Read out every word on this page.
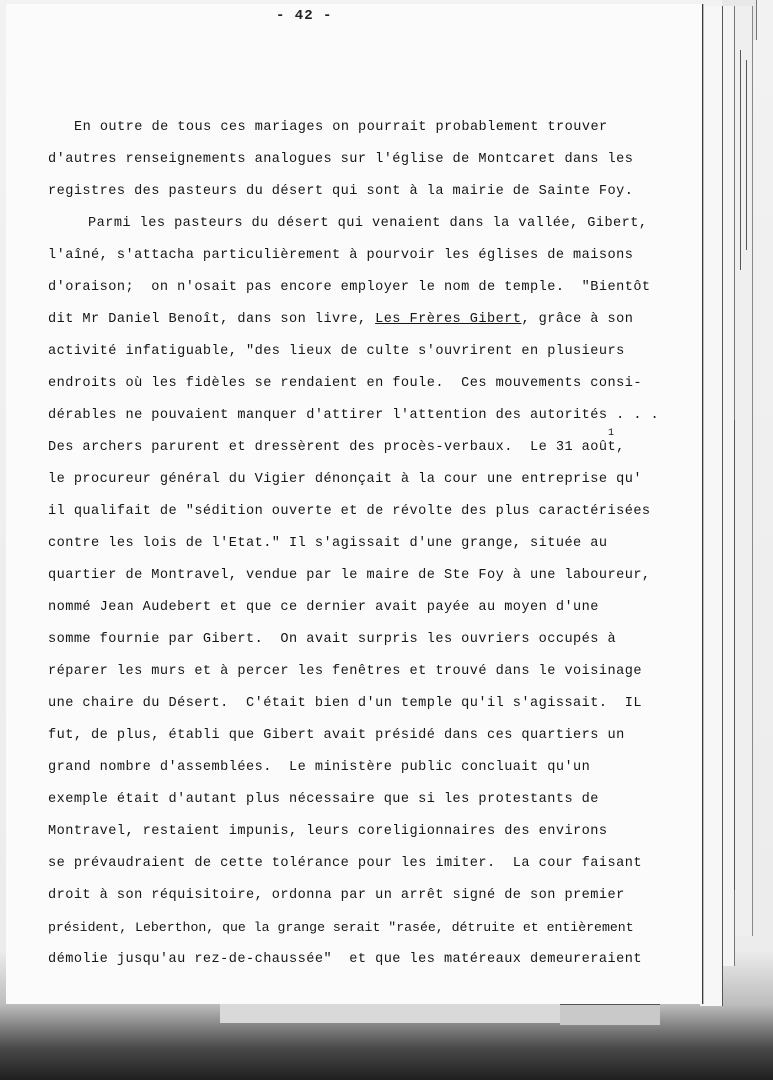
- 42 -
En outre de tous ces mariages on pourrait probablement trouver
d'autres renseignements analogues sur l'église de Montcaret dans les
registres des pasteurs du désert qui sont à la mairie de Sainte Foy.
Parmi les pasteurs du désert qui venaient dans la vallée, Gibert,
l'aîné, s'attacha particulièrement à pourvoir les églises de maisons
d'oraison;  on n'osait pas encore employer le nom de temple.  "Bientôt
dit Mr Daniel Benoît, dans son livre, Les Frères Gibert, grâce à son
activité infatiguable, "des lieux de culte s'ouvrirent en plusieurs
endroits où les fidèles se rendaient en foule.  Ces mouvements consi-
dérables ne pouvaient manquer d'attirer l'attention des autorités . . .
Des archers parurent et dressèrent des procès-verbaux.  Le 31 août,
1
le procureur général du Vigier dénonçait à la cour une entreprise qu'
il qualifait de "sédition ouverte et de révolte des plus caractérisées
contre les lois de l'Etat." Il s'agissait d'une grange, située au
quartier de Montravel, vendue par le maire de Ste Foy à une laboureur,
nommé Jean Audebert et que ce dernier avait payée au moyen d'une
somme fournie par Gibert.  On avait surpris les ouvriers occupés à
réparer les murs et à percer les fenêtres et trouvé dans le voisinage
une chaire du Désert.  C'était bien d'un temple qu'il s'agissait.  IL
fut, de plus, établi que Gibert avait présidé dans ces quartiers un
grand nombre d'assemblées.  Le ministère public concluait qu'un
exemple était d'autant plus nécessaire que si les protestants de
Montravel, restaient impunis, leurs coreligionnaires des environs
se prévaudraient de cette tolérance pour les imiter.  La cour faisant
droit à son réquisitoire, ordonna par un arrêt signé de son premier
président, Leberthon, que la grange serait "rasée, détruite et entièrement
démolie jusqu'au rez-de-chaussée"  et que les matéreaux demeureraient
